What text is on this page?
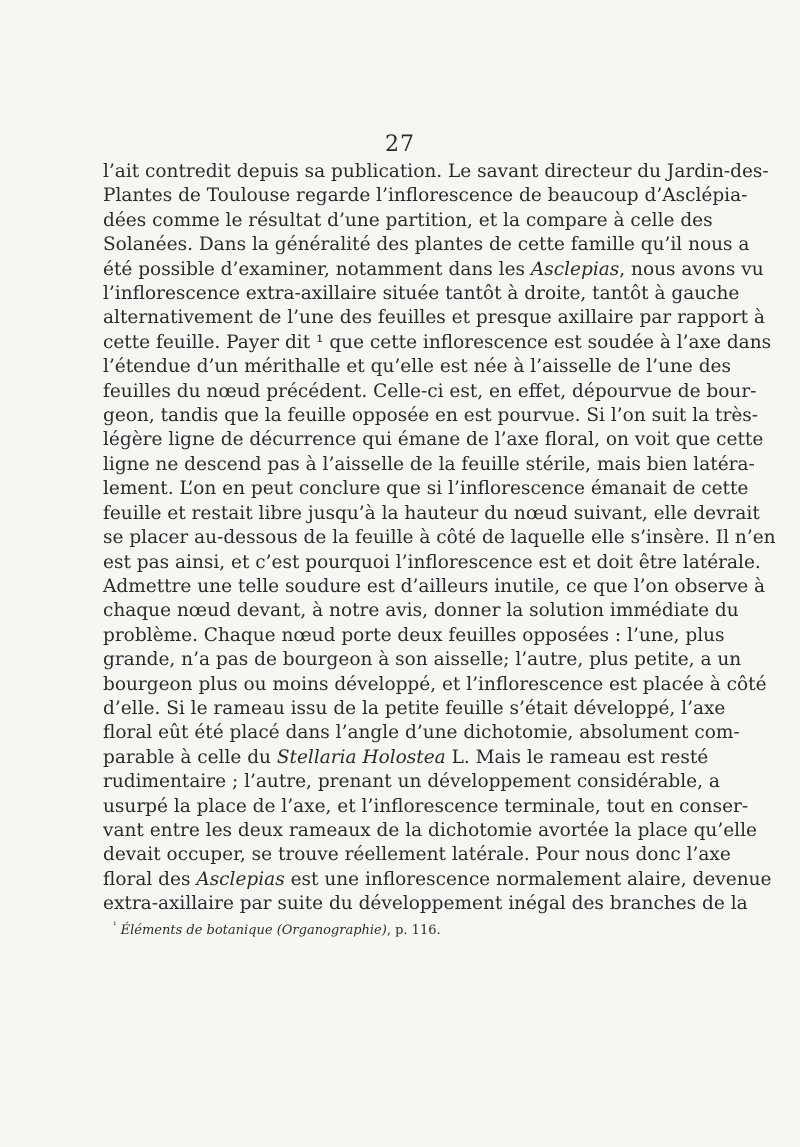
27
l’ait contredit depuis sa publication. Le savant directeur du Jardin-des-
Plantes de Toulouse regarde l’inflorescence de beaucoup d’Asclépia-
dées comme le résultat d’une partition, et la compare à celle des
Solanées. Dans la généralité des plantes de cette famille qu’il nous a
été possible d’examiner, notamment dans les Asclepias, nous avons vu
l’inflorescence extra-axillaire située tantôt à droite, tantôt à gauche
alternativement de l’une des feuilles et presque axillaire par rapport à
cette feuille. Payer dit ¹ que cette inflorescence est soudée à l’axe dans
l’étendue d’un mérithalle et qu’elle est née à l’aisselle de l’une des
feuilles du nœud précédent. Celle-ci est, en effet, dépourvue de bour-
geon, tandis que la feuille opposée en est pourvue. Si l’on suit la très-
légère ligne de décurrence qui émane de l’axe floral, on voit que cette
ligne ne descend pas à l’aisselle de la feuille stérile, mais bien latéra-
lement. L’on en peut conclure que si l’inflorescence émanait de cette
feuille et restait libre jusqu’à la hauteur du nœud suivant, elle devrait
se placer au-dessous de la feuille à côté de laquelle elle s’insère. Il n’en
est pas ainsi, et c’est pourquoi l’inflorescence est et doit être latérale.
Admettre une telle soudure est d’ailleurs inutile, ce que l’on observe à
chaque nœud devant, à notre avis, donner la solution immédiate du
problème. Chaque nœud porte deux feuilles opposées : l’une, plus
grande, n’a pas de bourgeon à son aisselle; l’autre, plus petite, a un
bourgeon plus ou moins développé, et l’inflorescence est placée à côté
d’elle. Si le rameau issu de la petite feuille s’était développé, l’axe
floral eût été placé dans l’angle d’une dichotomie, absolument com-
parable à celle du Stellaria Holostea L. Mais le rameau est resté
rudimentaire ; l’autre, prenant un développement considérable, a
usurpé la place de l’axe, et l’inflorescence terminale, tout en conser-
vant entre les deux rameaux de la dichotomie avortée la place qu’elle
devait occuper, se trouve réellement latérale. Pour nous donc l’axe
floral des Asclepias est une inflorescence normalement alaire, devenue
extra-axillaire par suite du développement inégal des branches de la
$^{^1}$ Éléments de botanique (Organographie), p. 116.
